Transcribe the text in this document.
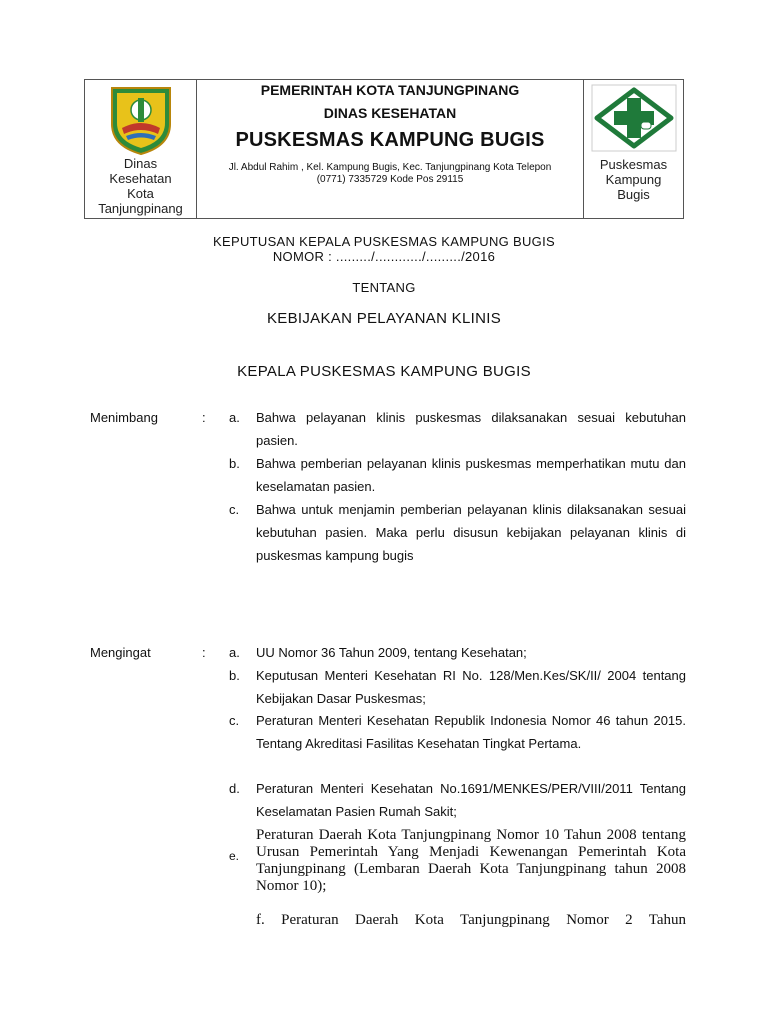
Dinas
Kesehatan
Kota
Tanjungpinang
PEMERINTAH KOTA TANJUNGPINANG
DINAS KESEHATAN
PUSKESMAS KAMPUNG BUGIS
Jl. Abdul Rahim , Kel. Kampung Bugis, Kec. Tanjungpinang Kota Telepon
(0771) 7335729 Kode Pos 29115
Puskesmas
Kampung
Bugis
KEPUTUSAN KEPALA PUSKESMAS KAMPUNG BUGIS
NOMOR : ........./............/........./2016
TENTANG
KEBIJAKAN PELAYANAN KLINIS
KEPALA PUSKESMAS KAMPUNG BUGIS
Menimbang	: a. Bahwa pelayanan klinis puskesmas dilaksanakan sesuai kebutuhan pasien.
b. Bahwa pemberian pelayanan klinis puskesmas memperhatikan mutu dan keselamatan pasien.
c. Bahwa untuk menjamin pemberian pelayanan klinis dilaksanakan sesuai kebutuhan pasien. Maka perlu disusun kebijakan pelayanan klinis di puskesmas kampung bugis
Mengingat	: a. UU Nomor 36 Tahun 2009, tentang Kesehatan;
b. Keputusan Menteri Kesehatan RI No. 128/Men.Kes/SK/II/ 2004 tentang Kebijakan Dasar Puskesmas;
c. Peraturan Menteri Kesehatan Republik Indonesia Nomor 46 tahun 2015. Tentang Akreditasi Fasilitas Kesehatan Tingkat Pertama.
d. Peraturan Menteri Kesehatan No.1691/MENKES/PER/VIII/2011 Tentang Keselamatan Pasien Rumah Sakit;
e.
Peraturan Daerah Kota Tanjungpinang Nomor 10 Tahun 2008 tentang Urusan Pemerintah Yang Menjadi Kewenangan Pemerintah Kota Tanjungpinang (Lembaran Daerah Kota Tanjungpinang tahun 2008 Nomor 10);
f. Peraturan Daerah Kota Tanjungpinang Nomor 2 Tahun
